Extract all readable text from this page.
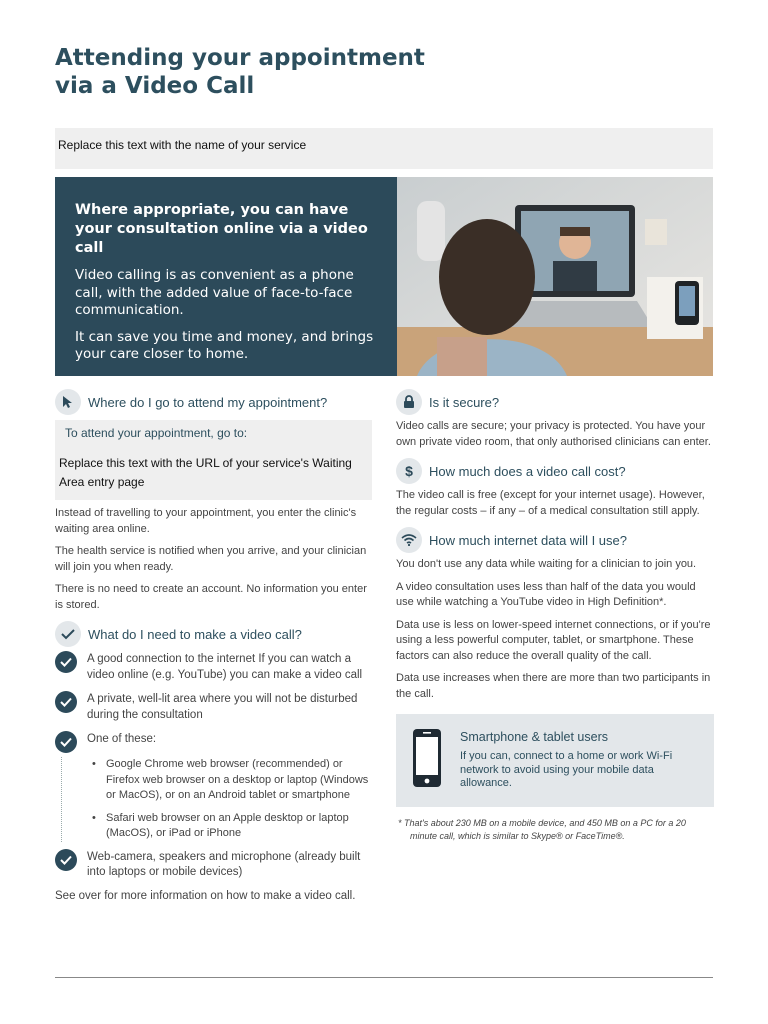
Attending your appointment
via a Video Call
Replace this text with the name of your service
Where appropriate, you can have your consultation online via a video call

Video calling is as convenient as a phone call, with the added value of face-to-face communication.

It can save you time and money, and brings your care closer to home.

Where do I go to attend my appointment?
To attend your appointment, go to:
Replace this text with the URL of your service's Waiting Area entry page
Instead of travelling to your appointment, you enter the clinic's waiting area online.
The health service is notified when you arrive, and your clinician will join you when ready.
There is no need to create an account. No information you enter is stored.
What do I need to make a video call?
A good connection to the internet If you can watch a video online (e.g. YouTube) you can make a video call
A private, well-lit area where you will not be disturbed during the consultation
One of these:
• Google Chrome web browser (recommended) or Firefox web browser on a desktop or laptop (Windows or MacOS), or on an Android tablet or smartphone
• Safari web browser on an Apple desktop or laptop (MacOS), or iPad or iPhone
Web-camera, speakers and microphone (already built into laptops or mobile devices)
See over for more information on how to make a video call.
Is it secure?
Video calls are secure; your privacy is protected. You have your own private video room, that only authorised clinicians can enter.
$ How much does a video call cost?
The video call is free (except for your internet usage). However, the regular costs – if any – of a medical consultation still apply.
How much internet data will I use?
You don't use any data while waiting for a clinician to join you.
A video consultation uses less than half of the data you would use while watching a YouTube video in High Definition*.
Data use is less on lower-speed internet connections, or if you're using a less powerful computer, tablet, or smartphone. These factors can also reduce the overall quality of the call.
Data use increases when there are more than two participants in the call.
Smartphone & tablet users
If you can, connect to a home or work Wi-Fi network to avoid using your mobile data allowance.
* That's about 230 MB on a mobile device, and 450 MB on a PC for a 20 minute call, which is similar to Skype® or FaceTime®.
